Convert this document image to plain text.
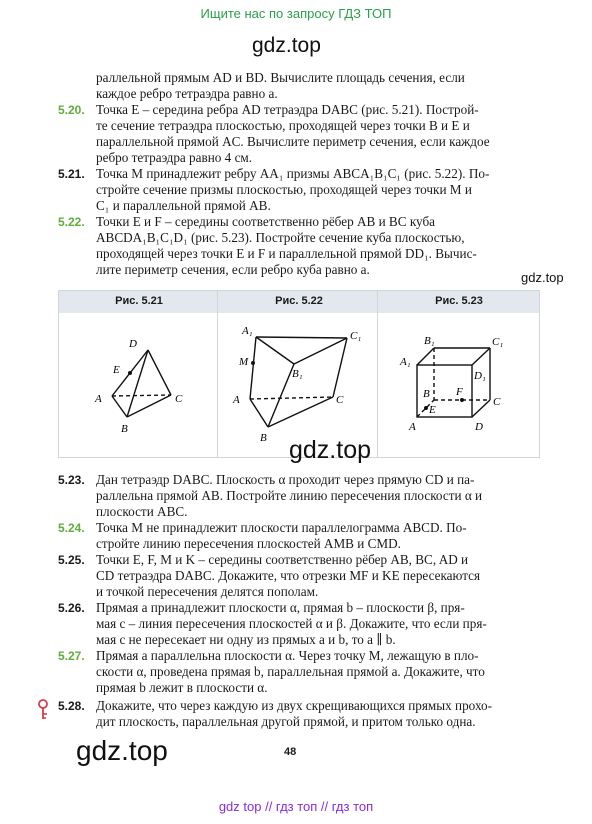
Ищите нас по запросу ГДЗ ТОП
gdz.top
раллельной прямым AD и BD. Вычислите площадь сечения, если
каждое ребро тетраэдра равно a.
5.20. Точка E – середина ребра AD тетраэдра DABC (рис. 5.21). Построй-
те сечение тетраэдра плоскостью, проходящей через точки B и E и
параллельной прямой AC. Вычислите периметр сечения, если каждое
ребро тетраэдра равно 4 см.
5.21. Точка M принадлежит ребру AA₁ призмы ABCA₁B₁C₁ (рис. 5.22). По-
стройте сечение призмы плоскостью, проходящей через точки M и
C₁ и параллельной прямой AB.
5.22. Точки E и F – середины соответственно рёбер AB и BC куба
ABCDA₁B₁C₁D₁ (рис. 5.23). Постройте сечение куба плоскостью,
проходящей через точки E и F и параллельной прямой DD₁. Вычис-
лите периметр сечения, если ребро куба равно a.
gdz.top
Рис. 5.21	Рис. 5.22	Рис. 5.23
D
E
A	C
B
A₁	C₁
M
B₁
A	C
B
B₁	C₁
A₁
D₁
B F
C
E
A	D
gdz.top
5.23. Дан тетраэдр DABC. Плоскость α проходит через прямую CD и па-
раллельна прямой AB. Постройте линию пересечения плоскости α и
плоскости ABC.
5.24. Точка M не принадлежит плоскости параллелограмма ABCD. По-
стройте линию пересечения плоскостей AMB и CMD.
5.25. Точки E, F, M и K – середины соответственно рёбер AB, BC, AD и
CD тетраэдра DABC. Докажите, что отрезки MF и KE пересекаются
и точкой пересечения делятся пополам.
5.26. Прямая a принадлежит плоскости α, прямая b – плоскости β, пря-
мая c – линия пересечения плоскостей α и β. Докажите, что если пря-
мая c не пересекает ни одну из прямых a и b, то a ∥ b.
5.27. Прямая a параллельна плоскости α. Через точку M, лежащую в пло-
скости α, проведена прямая b, параллельная прямой a. Докажите, что
прямая b лежит в плоскости α.
5.28. Докажите, что через каждую из двух скрещивающихся прямых прохо-
дит плоскость, параллельная другой прямой, и притом только одна.
gdz.top	48
gdz top // гдз топ // гдз топ
